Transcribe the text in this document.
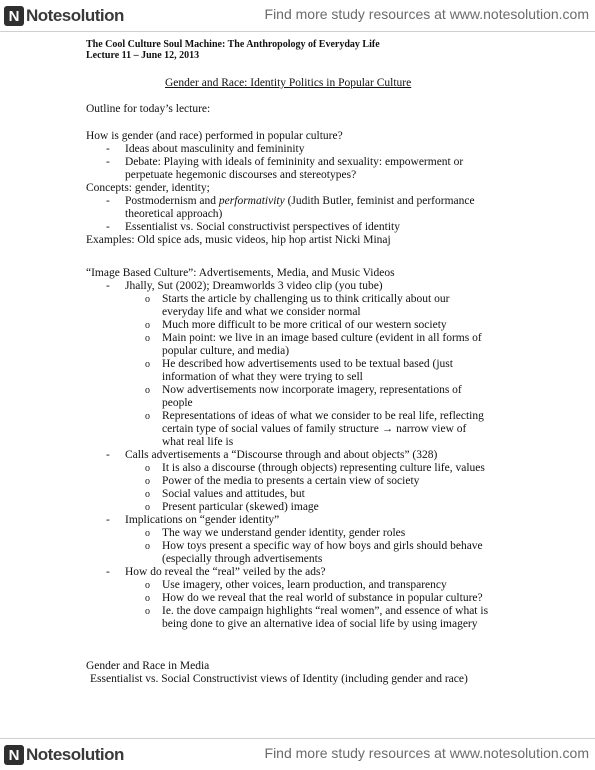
N Notesolution	Find more study resources at www.notesolution.com
N Notesolution	Find more study resources at www.notesolution.com
The Cool Culture Soul Machine: The Anthropology of Everyday Life
Lecture 11 – June 12, 2013
Gender and Race: Identity Politics in Popular Culture
Outline for today’s lecture:
How is gender (and race) performed in popular culture?
- Ideas about masculinity and femininity
- Debate: Playing with ideals of femininity and sexuality: empowerment or
perpetuate hegemonic discourses and stereotypes?
Concepts: gender, identity;
- Postmodernism and performativity (Judith Butler, feminist and performance
theoretical approach)
- Essentialist vs. Social constructivist perspectives of identity
Examples: Old spice ads, music videos, hip hop artist Nicki Minaj
“Image Based Culture”: Advertisements, Media, and Music Videos
- Jhally, Sut (2002); Dreamworlds 3 video clip (you tube)
o Starts the article by challenging us to think critically about our
everyday life and what we consider normal
o Much more difficult to be more critical of our western society
o Main point: we live in an image based culture (evident in all forms of
popular culture, and media)
o He described how advertisements used to be textual based (just
information of what they were trying to sell
o Now advertisements now incorporate imagery, representations of
people
o Representations of ideas of what we consider to be real life, reflecting
certain type of social values of family structure → narrow view of
what real life is
- Calls advertisements a “Discourse through and about objects” (328)
o It is also a discourse (through objects) representing culture life, values
o Power of the media to presents a certain view of society
o Social values and attitudes, but
o Present particular (skewed) image
- Implications on “gender identity”
o The way we understand gender identity, gender roles
o How toys present a specific way of how boys and girls should behave
(especially through advertisements
- How do reveal the “real” veiled by the ads?
o Use imagery, other voices, learn production, and transparency
o How do we reveal that the real world of substance in popular culture?
o Ie. the dove campaign highlights “real women”, and essence of what is
being done to give an alternative idea of social life by using imagery
Gender and Race in Media
Essentialist vs. Social Constructivist views of Identity (including gender and race)
